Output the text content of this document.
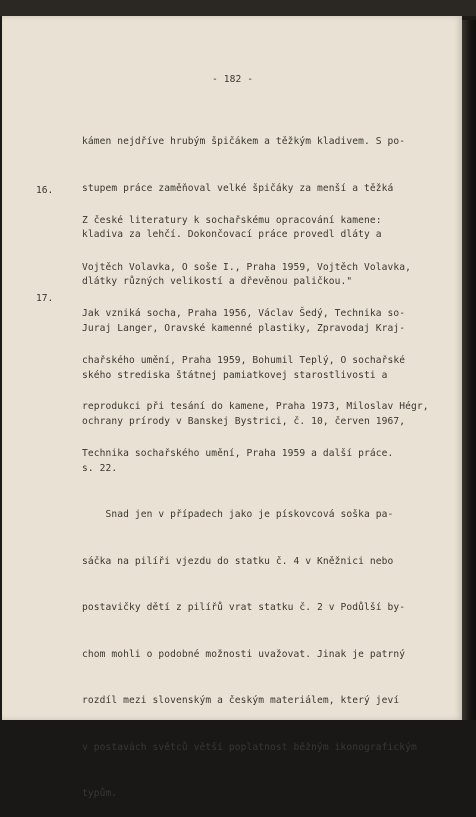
- 182 -

kámen nejdříve hrubým špičákem a těžkým kladivem. S po-

stupem práce zaměňoval velké špičáky za menší a těžká

kladiva za lehčí. Dokončovací práce provedl dláty a

dlátky různých velikostí a dřevěnou paličkou."

16.

Z české literatury k sochařskému opracování kamene:

Vojtěch Volavka, O soše I., Praha 1959, Vojtěch Volavka,

Jak vzniká socha, Praha 1956, Václav Šedý, Technika so-

chařského umění, Praha 1959, Bohumil Teplý, O sochařské

reprodukci při tesání do kamene, Praha 1973, Miloslav Hégr,

Technika sochařského umění, Praha 1959 a další práce.

17.

Juraj Langer, Oravské kamenné plastiky, Zpravodaj Kraj-

ského strediska štátnej pamiatkovej starostlivosti a

ochrany prírody v Banskej Bystrici, č. 10, červen 1967,

s. 22.

Snad jen v případech jako je pískovcová soška pa-

sáčka na pilíři vjezdu do statku č. 4 v Kněžnici nebo

postavičky dětí z pilířů vrat statku č. 2 v Podůlší by-

chom mohli o podobné možnosti uvažovat. Jinak je patrný

rozdíl mezi slovenským a českým materiálem, který jeví

v postavách světců větší poplatnost běžným ikonografickým

typům.
